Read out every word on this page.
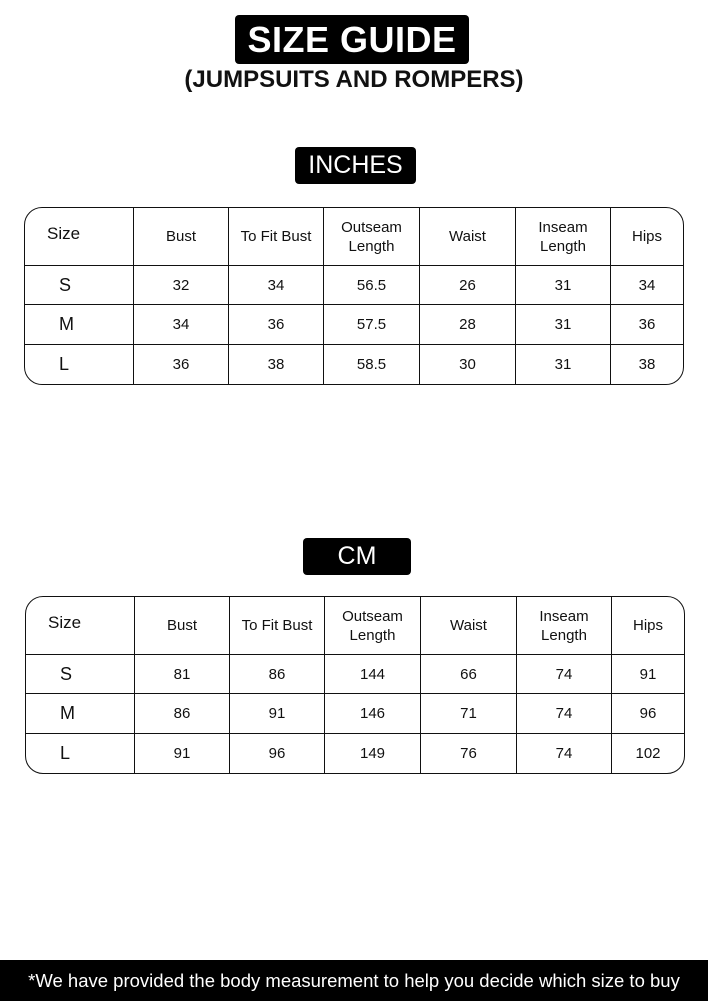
SIZE GUIDE
(JUMPSUITS AND ROMPERS)
INCHES
Size	Bust	To Fit Bust	Outseam Length	Waist	Inseam Length	Hips
S	32	34	56.5	26	31	34
M	34	36	57.5	28	31	36
L	36	38	58.5	30	31	38
CM
Size	Bust	To Fit Bust	Outseam Length	Waist	Inseam Length	Hips
S	81	86	144	66	74	91
M	86	91	146	71	74	96
L	91	96	149	76	74	102
*We have provided the body measurement to help you decide which size to buy
